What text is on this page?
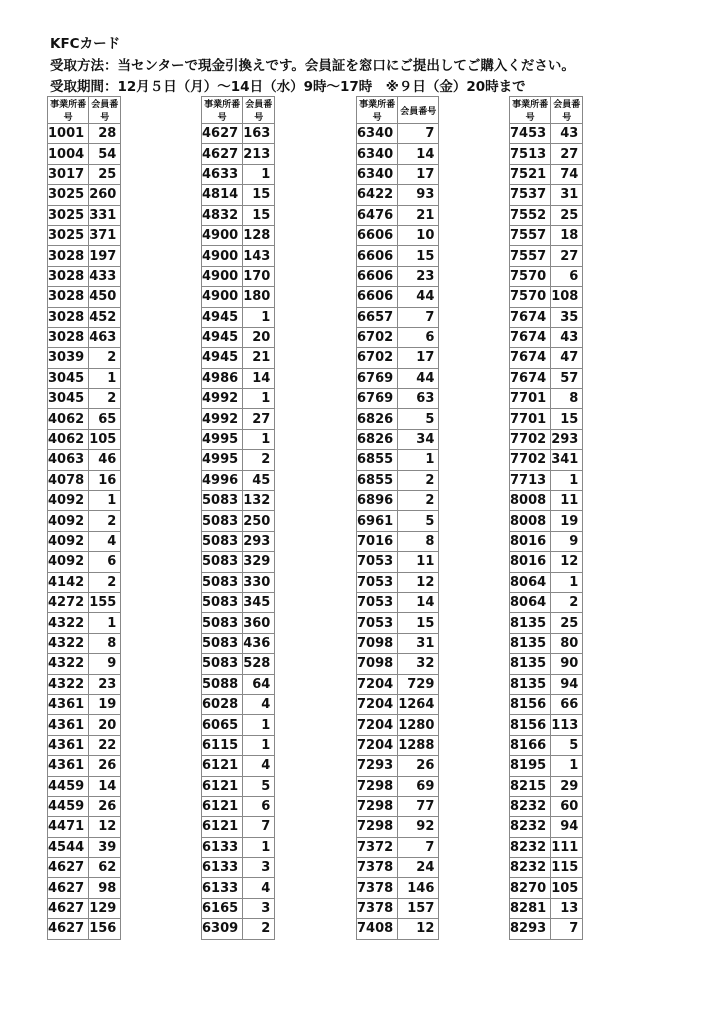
KFCカード
受取方法：当センターで現金引換えです。会員証を窓口にご提出してご購入ください。
受取期間：12月５日（月）～14日（水）9時～17時　※９日（金）20時まで
事業所番号	会員番号
1001	28
1004	54
3017	25
3025	260
3025	331
3025	371
3028	197
3028	433
3028	450
3028	452
3028	463
3039	2
3045	1
3045	2
4062	65
4062	105
4063	46
4078	16
4092	1
4092	2
4092	4
4092	6
4142	2
4272	155
4322	1
4322	8
4322	9
4322	23
4361	19
4361	20
4361	22
4361	26
4459	14
4459	26
4471	12
4544	39
4627	62
4627	98
4627	129
4627	156
事業所番号	会員番号
4627	163
4627	213
4633	1
4814	15
4832	15
4900	128
4900	143
4900	170
4900	180
4945	1
4945	20
4945	21
4986	14
4992	1
4992	27
4995	1
4995	2
4996	45
5083	132
5083	250
5083	293
5083	329
5083	330
5083	345
5083	360
5083	436
5083	528
5088	64
6028	4
6065	1
6115	1
6121	4
6121	5
6121	6
6121	7
6133	1
6133	3
6133	4
6165	3
6309	2
事業所番号	会員番号
6340	7
6340	14
6340	17
6422	93
6476	21
6606	10
6606	15
6606	23
6606	44
6657	7
6702	6
6702	17
6769	44
6769	63
6826	5
6826	34
6855	1
6855	2
6896	2
6961	5
7016	8
7053	11
7053	12
7053	14
7053	15
7098	31
7098	32
7204	729
7204	1264
7204	1280
7204	1288
7293	26
7298	69
7298	77
7298	92
7372	7
7378	24
7378	146
7378	157
7408	12
事業所番号	会員番号
7453	43
7513	27
7521	74
7537	31
7552	25
7557	18
7557	27
7570	6
7570	108
7674	35
7674	43
7674	47
7674	57
7701	8
7701	15
7702	293
7702	341
7713	1
8008	11
8008	19
8016	9
8016	12
8064	1
8064	2
8135	25
8135	80
8135	90
8135	94
8156	66
8156	113
8166	5
8195	1
8215	29
8232	60
8232	94
8232	111
8232	115
8270	105
8281	13
8293	7
